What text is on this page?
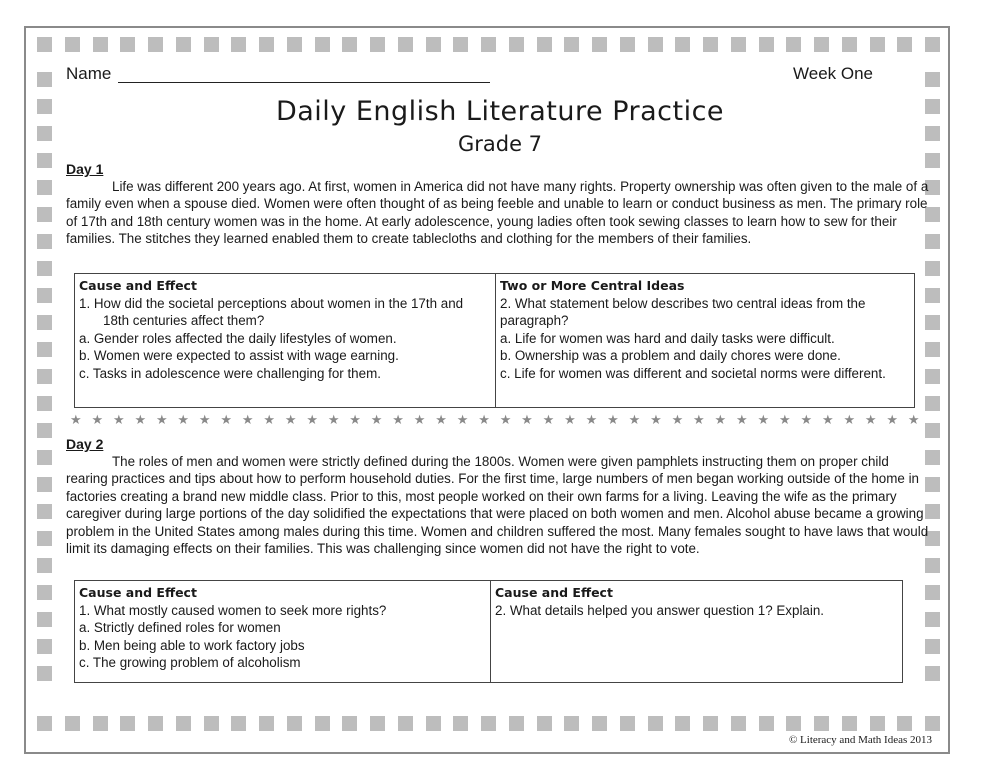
Name	Week One
Daily English Literature Practice
Grade 7
Day 1

Life was different 200 years ago. At first, women in America did not have many rights. Property ownership was often given to the male of a family even when a spouse died. Women were often thought of as being feeble and unable to learn or conduct business as men. The primary role of 17th and 18th century women was in the home. At early adolescence, young ladies often took sewing classes to learn how to sew for their families. The stitches they learned enabled them to create tablecloths and clothing for the members of their families.

Cause and Effect
1. How did the societal perceptions about women in the 17th and 18th centuries affect them?
a. Gender roles affected the daily lifestyles of women.
b. Women were expected to assist with wage earning.
c. Tasks in adolescence were challenging for them.
Two or More Central Ideas
2. What statement below describes two central ideas from the paragraph?
a. Life for women was hard and daily tasks were difficult.
b. Ownership was a problem and daily chores were done.
c. Life for women was different and societal norms were different.
★ ★ ★ ★ ★ ★ ★ ★ ★ ★ ★ ★ ★ ★ ★ ★ ★ ★ ★ ★ ★ ★ ★ ★ ★ ★ ★ ★ ★ ★ ★ ★ ★ ★ ★ ★ ★ ★ ★ ★
Day 2

The roles of men and women were strictly defined during the 1800s. Women were given pamphlets instructing them on proper child rearing practices and tips about how to perform household duties. For the first time, large numbers of men began working outside of the home in factories creating a brand new middle class. Prior to this, most people worked on their own farms for a living. Leaving the wife as the primary caregiver during large portions of the day solidified the expectations that were placed on both women and men. Alcohol abuse became a growing problem in the United States among males during this time. Women and children suffered the most. Many females sought to have laws that would limit its damaging effects on their families. This was challenging since women did not have the right to vote.

Cause and Effect
1. What mostly caused women to seek more rights?
a. Strictly defined roles for women
b. Men being able to work factory jobs
c. The growing problem of alcoholism
Cause and Effect
2. What details helped you answer question 1? Explain.
© Literacy and Math Ideas 2013
